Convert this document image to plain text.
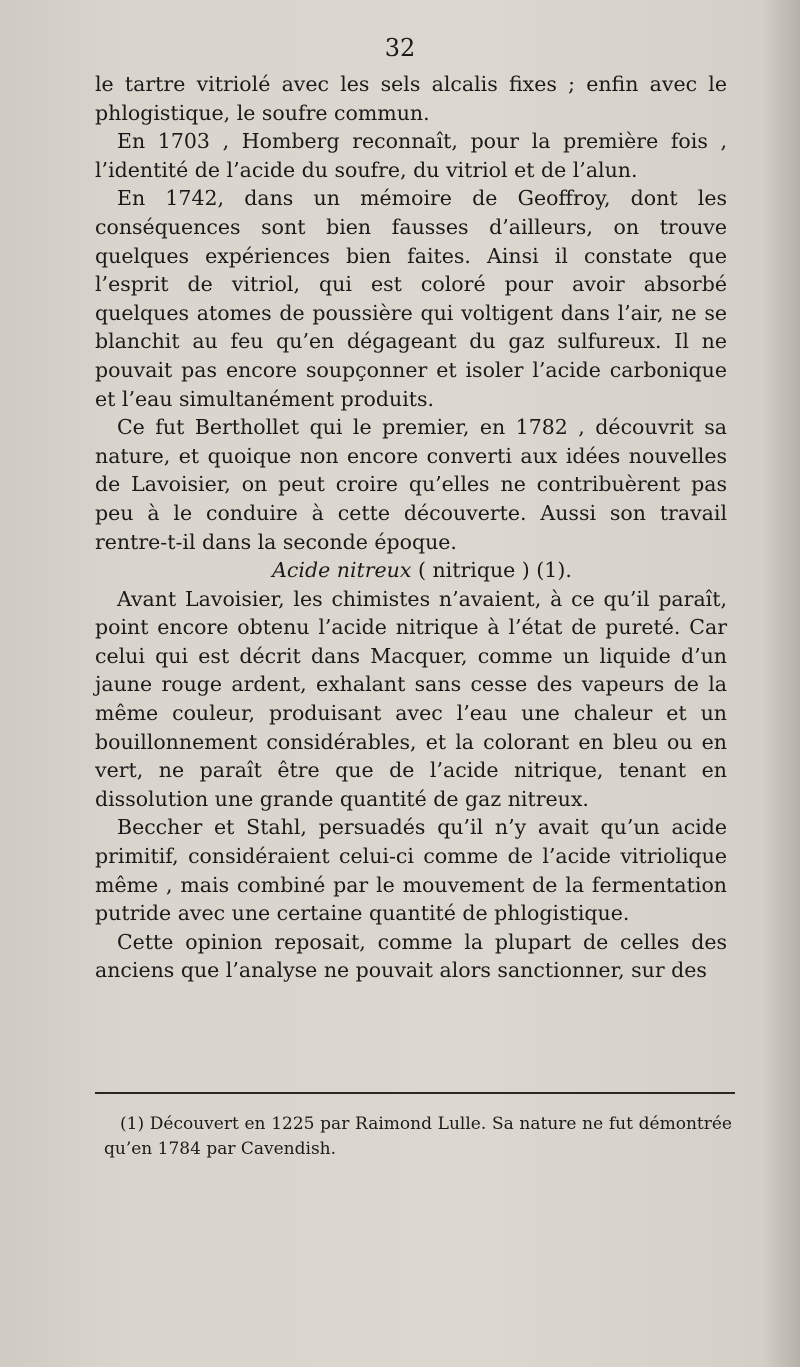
32

le tartre vitriolé avec les sels alcalis fixes ; enfin avec le phlogistique, le soufre commun.

En 1703 , Homberg reconnaît, pour la première fois , l’identité de l’acide du soufre, du vitriol et de l’alun.

En 1742, dans un mémoire de Geoffroy, dont les conséquences sont bien fausses d’ailleurs, on trouve quelques expériences bien faites. Ainsi il constate que l’esprit de vitriol, qui est coloré pour avoir absorbé quelques atomes de poussière qui voltigent dans l’air, ne se blanchit au feu qu’en dégageant du gaz sulfureux. Il ne pouvait pas encore soupçonner et isoler l’acide carbonique et l’eau simultanément produits.

Ce fut Berthollet qui le premier, en 1782 , découvrit sa nature, et quoique non encore converti aux idées nouvelles de Lavoisier, on peut croire qu’elles ne contribuèrent pas peu à le conduire à cette découverte. Aussi son travail rentre-t-il dans la seconde époque.

Acide nitreux ( nitrique ) (1).

Avant Lavoisier, les chimistes n’avaient, à ce qu’il paraît, point encore obtenu l’acide nitrique à l’état de pureté. Car celui qui est décrit dans Macquer, comme un liquide d’un jaune rouge ardent, exhalant sans cesse des vapeurs de la même couleur, produisant avec l’eau une chaleur et un bouillonnement considérables, et la colorant en bleu ou en vert, ne paraît être que de l’acide nitrique, tenant en dissolution une grande quantité de gaz nitreux.

Beccher et Stahl, persuadés qu’il n’y avait qu’un acide primitif, considéraient celui-ci comme de l’acide vitriolique même , mais combiné par le mouvement de la fermentation putride avec une certaine quantité de phlogistique.

Cette opinion reposait, comme la plupart de celles des anciens que l’analyse ne pouvait alors sanctionner, sur des

(1) Découvert en 1225 par Raimond Lulle. Sa nature ne fut démontrée qu’en 1784 par Cavendish.
